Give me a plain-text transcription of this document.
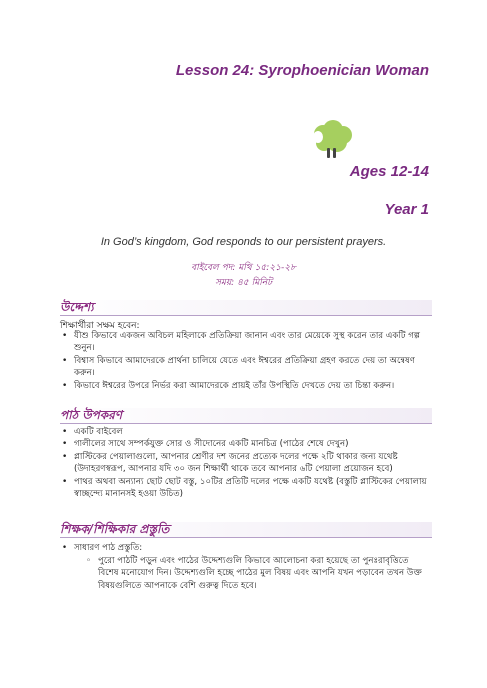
Lesson 24: Syrophoenician Woman
Ages 12-14
Year 1
In God’s kingdom, God responds to our persistent prayers.
বাইবেল পদ: মথি ১৫:২১-২৮
সময়: ৪৫ মিনিট
উদ্দেশ্য
শিক্ষার্থীরা সক্ষম হবেন:
• যীশু কিভাবে একজন অবিচল মহিলাকে প্রতিক্রিয়া জানান এবং তার মেয়েকে সুস্থ করেন তার একটি গল্প শুনুন।
• বিশ্বাস কিভাবে আমাদেরকে প্রার্থনা চালিয়ে যেতে এবং ঈশ্বরের প্রতিক্রিয়া গ্রহণ করতে দেয় তা অন্বেষণ করুন।
• কিভাবে ঈশ্বরের উপরে নির্ভর করা আমাদেরকে প্রায়ই তাঁর উপস্থিতি দেখতে দেয় তা চিন্তা করুন।
পাঠ উপকরণ
• একটি বাইবেল
• গালীলের সাথে সম্পর্কযুক্ত সোর ও সীদোনের একটি মানচিত্র (পাঠের শেষে দেখুন)
• প্লাস্টিকের পেয়ালাগুলো, আপনার শ্রেণীর দশ জনের প্রত্যেক দলের পক্ষে ২টি থাকার জন্য যথেষ্ট (উদাহরণস্বরূপ, আপনার যদি ৩০ জন শিক্ষার্থী থাকে তবে আপনার ৬টি পেয়ালা প্রয়োজন হবে)
• পাথর অথবা অন্যান্য ছোট ছোট বস্তু, ১০টির প্রতিটি দলের পক্ষে একটি যথেষ্ট (বস্তুটি প্লাস্টিকের পেয়ালায় স্বাচ্ছন্দ্যে মানানসই হওয়া উচিত)
শিক্ষক/শিক্ষিকার প্রস্তুতি
• সাধারণ পাঠ প্রস্তুতি:
◦ পুরো পাঠটি পড়ুন এবং পাঠের উদ্দেশ্যগুলি কিভাবে আলোচনা করা হয়েছে তা পুনঃরাবৃত্তিতে বিশেষ মনোযোগ দিন। উদ্দেশ্যগুলি হচ্ছে পাঠের মুল বিষয় এবং আপনি যখন পড়াবেন তখন উক্ত বিষয়গুলিতে আপনাকে বেশি গুরুত্ব দিতে হবে।
